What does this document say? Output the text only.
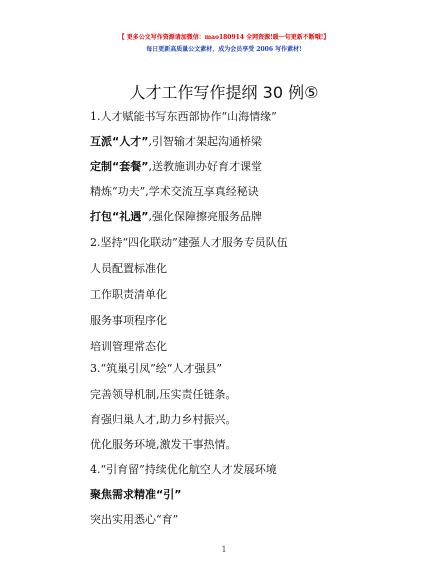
【 更多公文写作资源请加微信：mao180914 全网资源!暖一句更新不断哦!】
每日更新高质量公文素材，成为会员享受 2006 写作素材!
人才工作写作提纲 30 例⑤
1.人才赋能书写东西部协作“山海情缘”
互派“人才”,引智输才架起沟通桥梁
定制“套餐”,送教施训办好育才课堂
精炼“功夫”,学术交流互享真经秘诀
打包“礼遇”,强化保障擦亮服务品牌
2.坚持“四化联动”建强人才服务专员队伍
人员配置标准化
工作职责清单化
服务事项程序化
培训管理常态化
3.“筑巢引凤”绘“人才强县”
完善领导机制,压实责任链条。
育强归巢人才,助力乡村振兴。
优化服务环境,激发干事热情。
4.“引育留”持续优化航空人才发展环境
聚焦需求精准“引”
突出实用悉心“育”
1
